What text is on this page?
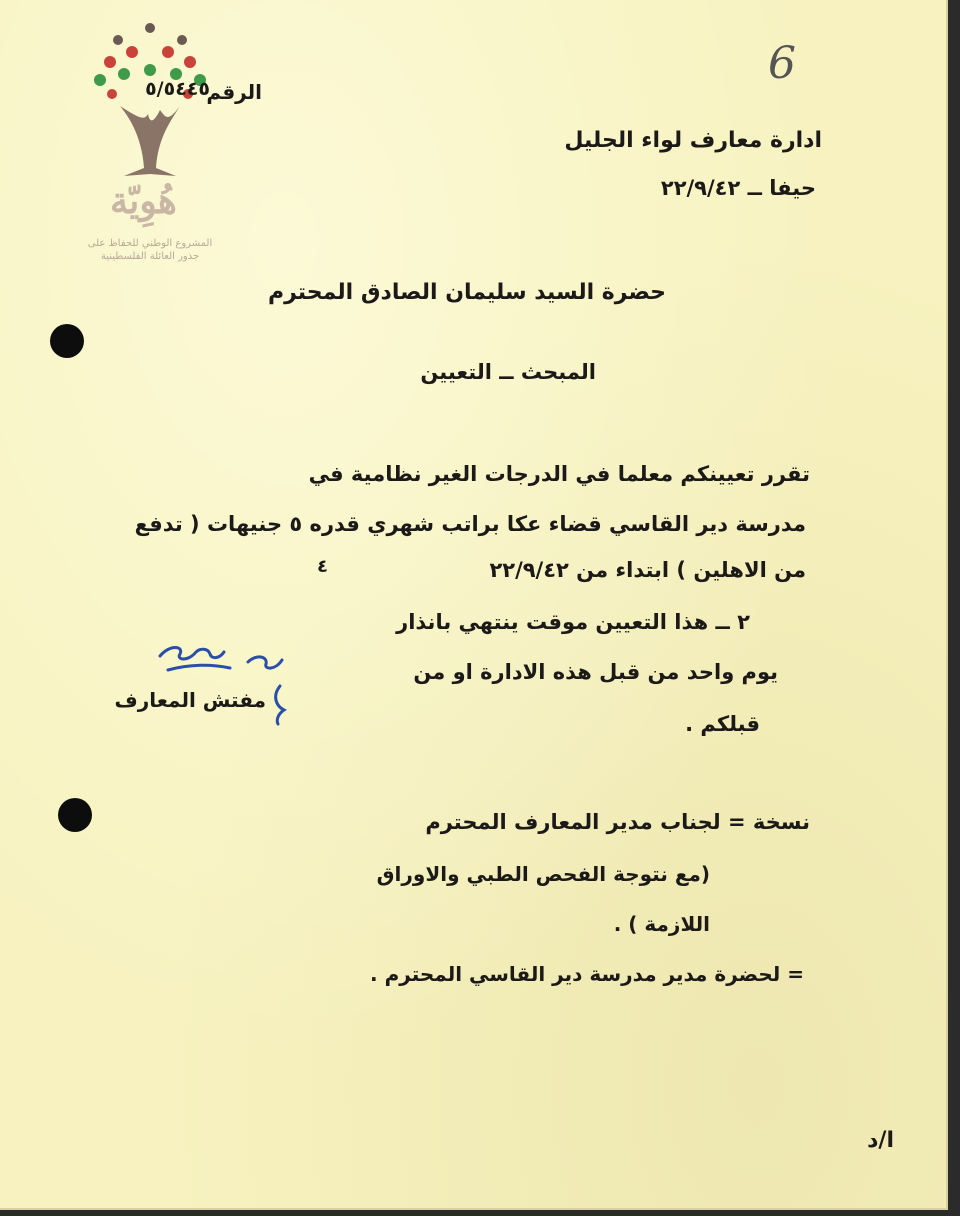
6
هُوِيّة
المشروع الوطني للحفاظ على
جذور العائلة الفلسطينية
الرقم
٥/٥٤٤٥
ادارة معارف لواء الجليل
حيفا ــ ٢٢/٩/٤٢
حضرة السيد سليمان الصادق المحترم
المبحث ــ التعيين
تقرر تعيينكم معلما في الدرجات الغير نظامية في
مدرسة دير القاسي قضاء عكا براتب شهري قدره ٥ جنيهات ( تدفع
من الاهلين ) ابتداء من ٢٢/٩/٤٢
٤
٢ ــ هذا التعيين موقت ينتهي بانذار
يوم واحد من قبل هذه الادارة او من
قبلكم .
مفتش المعارف
نسخة = لجناب مدير المعارف المحترم
(مع نتوجة الفحص الطبي والاوراق
اللازمة ) .
= لحضرة مدير مدرسة دير القاسي المحترم .
ا/د
